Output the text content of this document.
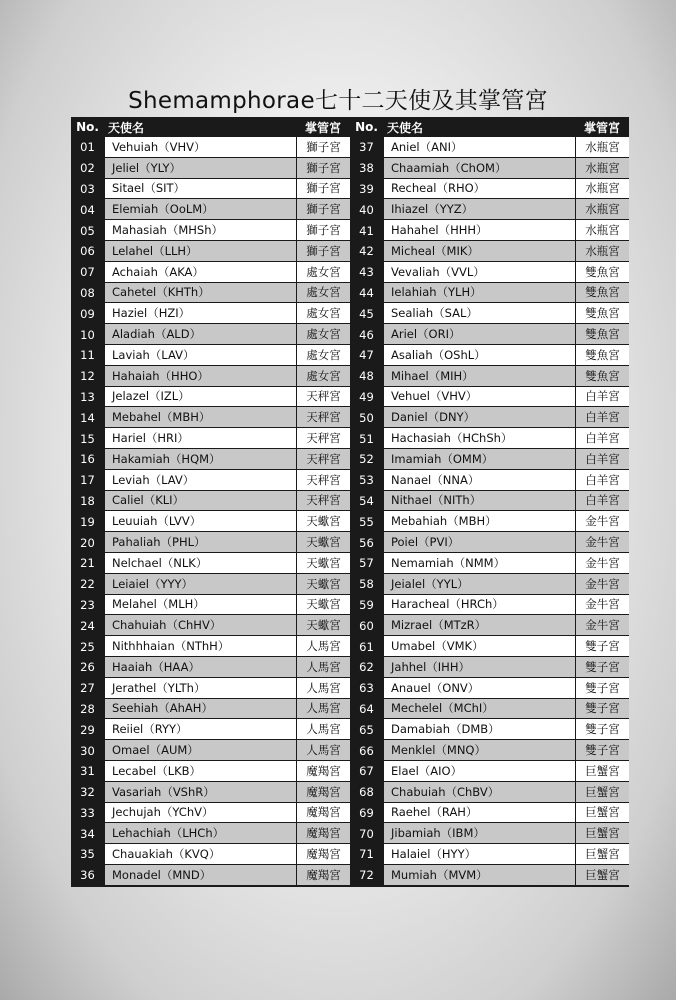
Shemamphorae七十二天使及其掌管宮
No. 天使名	掌管宮
01	Vehuiah（VHV）	獅子宮
02	Jeliel（YLY）	獅子宮
03	Sitael（SIT）	獅子宮
04	Elemiah（OoLM）	獅子宮
05	Mahasiah（MHSh）	獅子宮
06	Lelahel（LLH）	獅子宮
07	Achaiah（AKA）	處女宮
08	Cahetel（KHTh）	處女宮
09	Haziel（HZI）	處女宮
10	Aladiah（ALD）	處女宮
11	Laviah（LAV）	處女宮
12	Hahaiah（HHO）	處女宮
13	Jelazel（IZL）	天秤宮
14	Mebahel（MBH）	天秤宮
15	Hariel（HRI）	天秤宮
16	Hakamiah（HQM）	天秤宮
17	Leviah（LAV）	天秤宮
18	Caliel（KLI）	天秤宮
19	Leuuiah（LVV）	天蠍宮
20	Pahaliah（PHL）	天蠍宮
21	Nelchael（NLK）	天蠍宮
22	Leiaiel（YYY）	天蠍宮
23	Melahel（MLH）	天蠍宮
24	Chahuiah（ChHV）	天蠍宮
25	Nithhhaian（NThH）	人馬宮
26	Haaiah（HAA）	人馬宮
27	Jerathel（YLTh）	人馬宮
28	Seehiah（AhAH）	人馬宮
29	Reiiel（RYY）	人馬宮
30	Omael（AUM）	人馬宮
31	Lecabel（LKB）	魔羯宮
32	Vasariah（VShR）	魔羯宮
33	Jechujah（YChV）	魔羯宮
34	Lehachiah（LHCh）	魔羯宮
35	Chauakiah（KVQ）	魔羯宮
36	Monadel（MND）	魔羯宮
No. 天使名	掌管宮
37	Aniel（ANI）	水瓶宮
38	Chaamiah（ChOM）	水瓶宮
39	Recheal（RHO）	水瓶宮
40	Ihiazel（YYZ）	水瓶宮
41	Hahahel（HHH）	水瓶宮
42	Micheal（MIK）	水瓶宮
43	Vevaliah（VVL）	雙魚宮
44	Ielahiah（YLH）	雙魚宮
45	Sealiah（SAL）	雙魚宮
46	Ariel（ORI）	雙魚宮
47	Asaliah（OShL）	雙魚宮
48	Mihael（MIH）	雙魚宮
49	Vehuel（VHV）	白羊宮
50	Daniel（DNY）	白羊宮
51	Hachasiah（HChSh）	白羊宮
52	Imamiah（OMM）	白羊宮
53	Nanael（NNA）	白羊宮
54	Nithael（NITh）	白羊宮
55	Mebahiah（MBH）	金牛宮
56	Poiel（PVI）	金牛宮
57	Nemamiah（NMM）	金牛宮
58	Jeialel（YYL）	金牛宮
59	Haracheal（HRCh）	金牛宮
60	Mizrael（MTzR）	金牛宮
61	Umabel（VMK）	雙子宮
62	Jahhel（IHH）	雙子宮
63	Anauel（ONV）	雙子宮
64	Mechelel（MChI）	雙子宮
65	Damabiah（DMB）	雙子宮
66	Menklel（MNQ）	雙子宮
67	Elael（AIO）	巨蟹宮
68	Chabuiah（ChBV）	巨蟹宮
69	Raehel（RAH）	巨蟹宮
70	Jibamiah（IBM）	巨蟹宮
71	Halaiel（HYY）	巨蟹宮
72	Mumiah（MVM）	巨蟹宮
